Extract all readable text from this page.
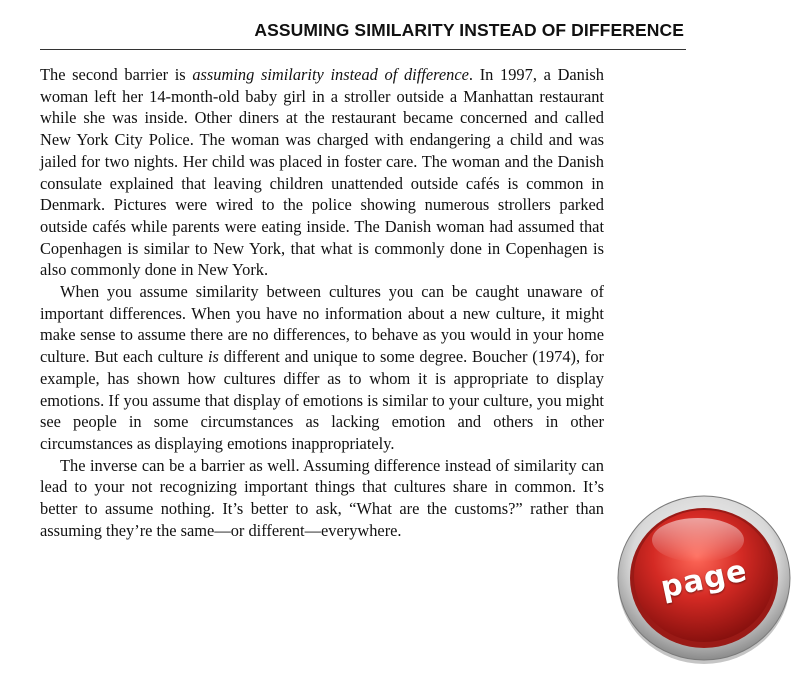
ASSUMING SIMILARITY INSTEAD OF DIFFERENCE

The second barrier is assuming similarity instead of difference. In 1997, a Danish woman left her 14-month-old baby girl in a stroller outside a Manhattan restaurant while she was inside. Other diners at the restaurant became concerned and called New York City Police. The woman was charged with endangering a child and was jailed for two nights. Her child was placed in foster care. The woman and the Danish consulate explained that leaving children unattended outside cafés is common in Denmark. Pictures were wired to the police showing numerous strollers parked outside cafés while parents were eating inside. The Danish woman had assumed that Copenhagen is similar to New York, that what is commonly done in Copenhagen is also commonly done in New York.

When you assume similarity between cultures you can be caught unaware of important differences. When you have no information about a new culture, it might make sense to assume there are no differences, to behave as you would in your home culture. But each culture is different and unique to some degree. Boucher (1974), for example, has shown how cultures differ as to whom it is appropriate to display emotions. If you assume that display of emotions is similar to your culture, you might see people in some circumstances as lacking emotion and others in other circumstances as displaying emotions inappropriately.

The inverse can be a barrier as well. Assuming difference instead of similarity can lead to your not recognizing important things that cultures share in common. It’s better to assume nothing. It’s better to ask, “What are the customs?” rather than assuming they’re the same—or different—everywhere.

page
